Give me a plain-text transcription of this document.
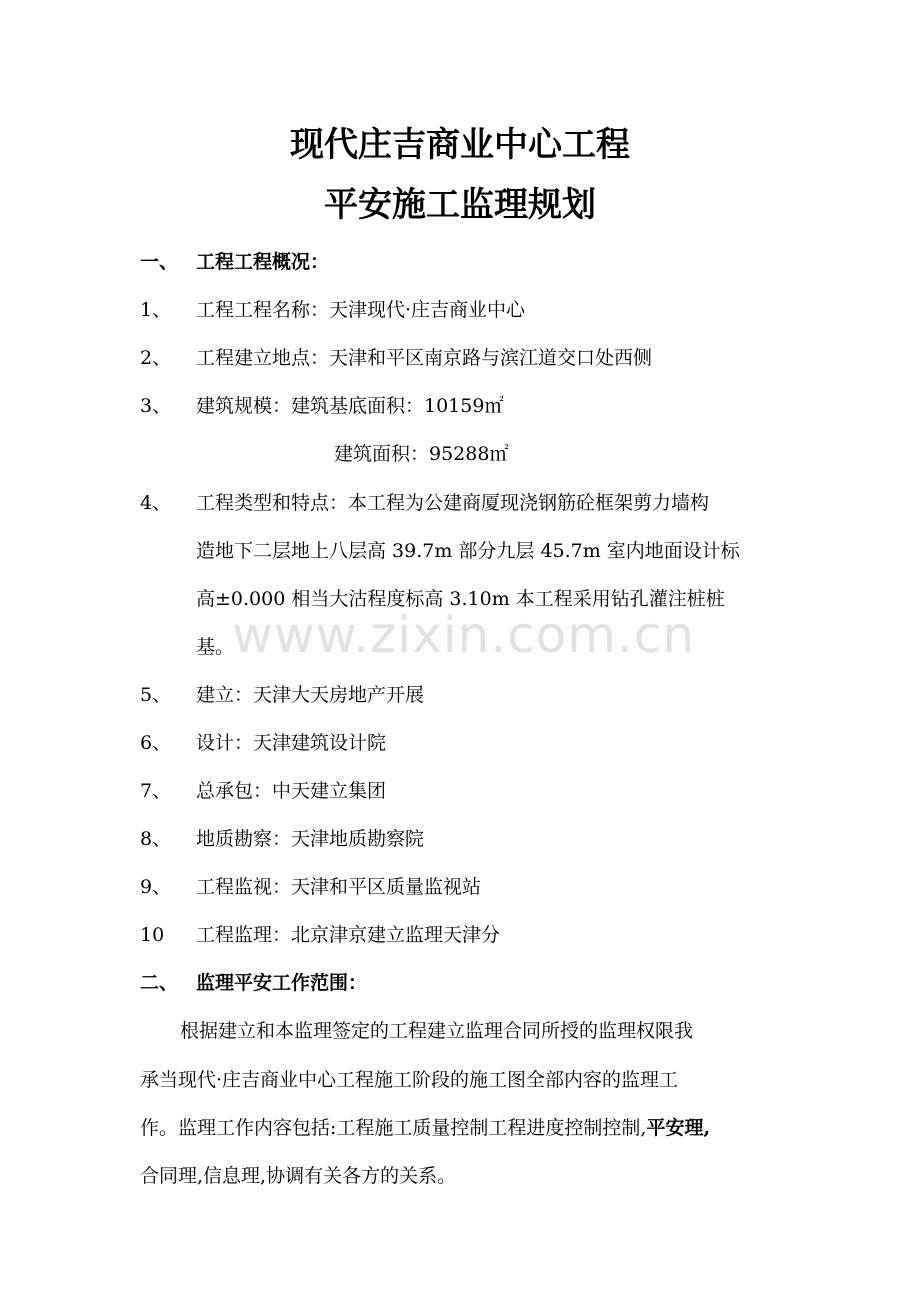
现代庄吉商业中心工程
平安施工监理规划
一、 工程工程概况：
1、 工程工程名称：天津现代·庄吉商业中心
2、 工程建立地点：天津和平区南京路与滨江道交口处西侧
3、 建筑规模：建筑基底面积：10159㎡
建筑面积：95288㎡
4、 工程类型和特点：本工程为公建商厦现浇钢筋砼框架剪力墙构
造地下二层地上八层高 39.7m 部分九层 45.7m 室内地面设计标
高±0.000 相当大沽程度标高 3.10m 本工程采用钻孔灌注桩桩
基。
5、 建立：天津大天房地产开展
6、 设计：天津建筑设计院
7、 总承包：中天建立集团
8、 地质勘察：天津地质勘察院
9、 工程监视：天津和平区质量监视站
10 工程监理：北京津京建立监理天津分
二、 监理平安工作范围：
根据建立和本监理签定的工程建立监理合同所授的监理权限我
承当现代·庄吉商业中心工程施工阶段的施工图全部内容的监理工
作。监理工作内容包括:工程施工质量控制工程进度控制控制,平安理,
合同理,信息理,协调有关各方的关系。
www.zixin.com.cn
